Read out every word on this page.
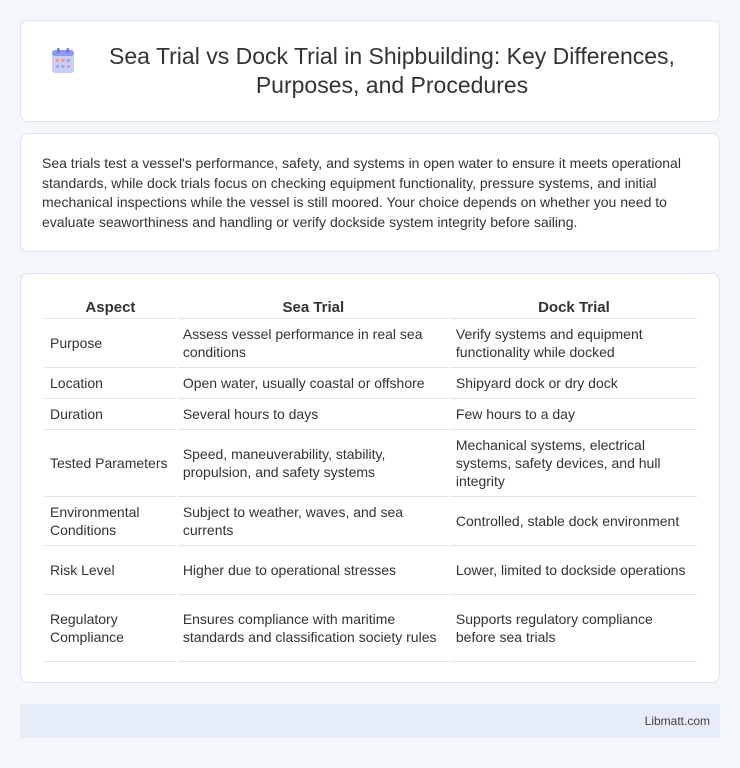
Sea Trial vs Dock Trial in Shipbuilding: Key Differences, Purposes, and Procedures

Sea trials test a vessel's performance, safety, and systems in open water to ensure it meets operational standards, while dock trials focus on checking equipment functionality, pressure systems, and initial mechanical inspections while the vessel is still moored. Your choice depends on whether you need to evaluate seaworthiness and handling or verify dockside system integrity before sailing.

Aspect	Sea Trial	Dock Trial
Purpose	Assess vessel performance in real sea conditions	Verify systems and equipment functionality while docked
Location	Open water, usually coastal or offshore	Shipyard dock or dry dock
Duration	Several hours to days	Few hours to a day
Tested Parameters	Speed, maneuverability, stability, propulsion, and safety systems	Mechanical systems, electrical systems, safety devices, and hull integrity
Environmental Conditions	Subject to weather, waves, and sea currents	Controlled, stable dock environment
Risk Level	Higher due to operational stresses	Lower, limited to dockside operations
Regulatory Compliance	Ensures compliance with maritime standards and classification society rules	Supports regulatory compliance before sea trials
Libmatt.com
